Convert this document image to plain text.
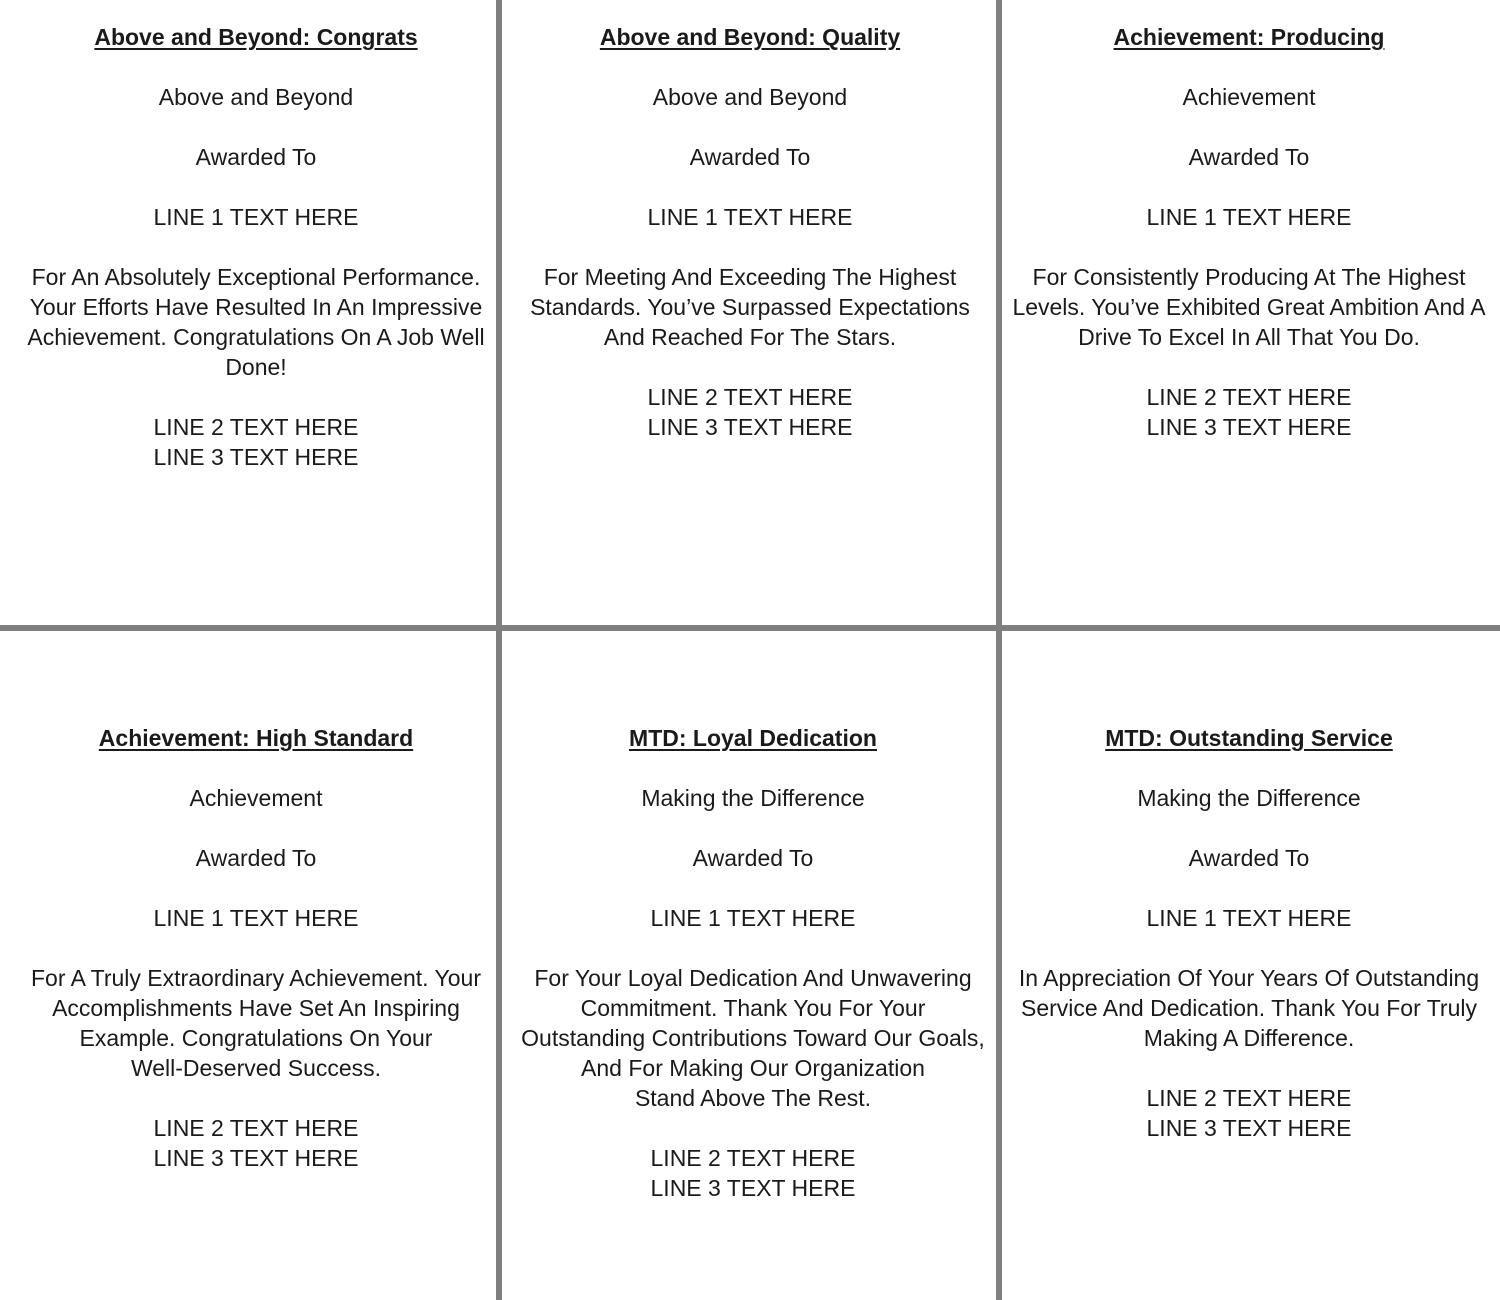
Above and Beyond: Congrats

Above and Beyond

Awarded To

LINE 1 TEXT HERE

For An Absolutely Exceptional Performance.
Your Efforts Have Resulted In An Impressive
Achievement. Congratulations On A Job Well
Done!

LINE 2 TEXT HERE

LINE 3 TEXT HERE

Above and Beyond: Quality

Above and Beyond

Awarded To

LINE 1 TEXT HERE

For Meeting And Exceeding The Highest
Standards. You’ve Surpassed Expectations
And Reached For The Stars.

LINE 2 TEXT HERE

LINE 3 TEXT HERE

Achievement: Producing

Achievement

Awarded To

LINE 1 TEXT HERE

For Consistently Producing At The Highest
Levels. You’ve Exhibited Great Ambition And A
Drive To Excel In All That You Do.

LINE 2 TEXT HERE

LINE 3 TEXT HERE

Achievement: High Standard

Achievement

Awarded To

LINE 1 TEXT HERE

For A Truly Extraordinary Achievement. Your
Accomplishments Have Set An Inspiring
Example. Congratulations On Your
Well-Deserved Success.

LINE 2 TEXT HERE

LINE 3 TEXT HERE

MTD: Loyal Dedication

Making the Difference

Awarded To

LINE 1 TEXT HERE

For Your Loyal Dedication And Unwavering
Commitment. Thank You For Your
Outstanding Contributions Toward Our Goals,
And For Making Our Organization
Stand Above The Rest.

LINE 2 TEXT HERE

LINE 3 TEXT HERE

MTD: Outstanding Service

Making the Difference

Awarded To

LINE 1 TEXT HERE

In Appreciation Of Your Years Of Outstanding
Service And Dedication. Thank You For Truly
Making A Difference.

LINE 2 TEXT HERE

LINE 3 TEXT HERE
